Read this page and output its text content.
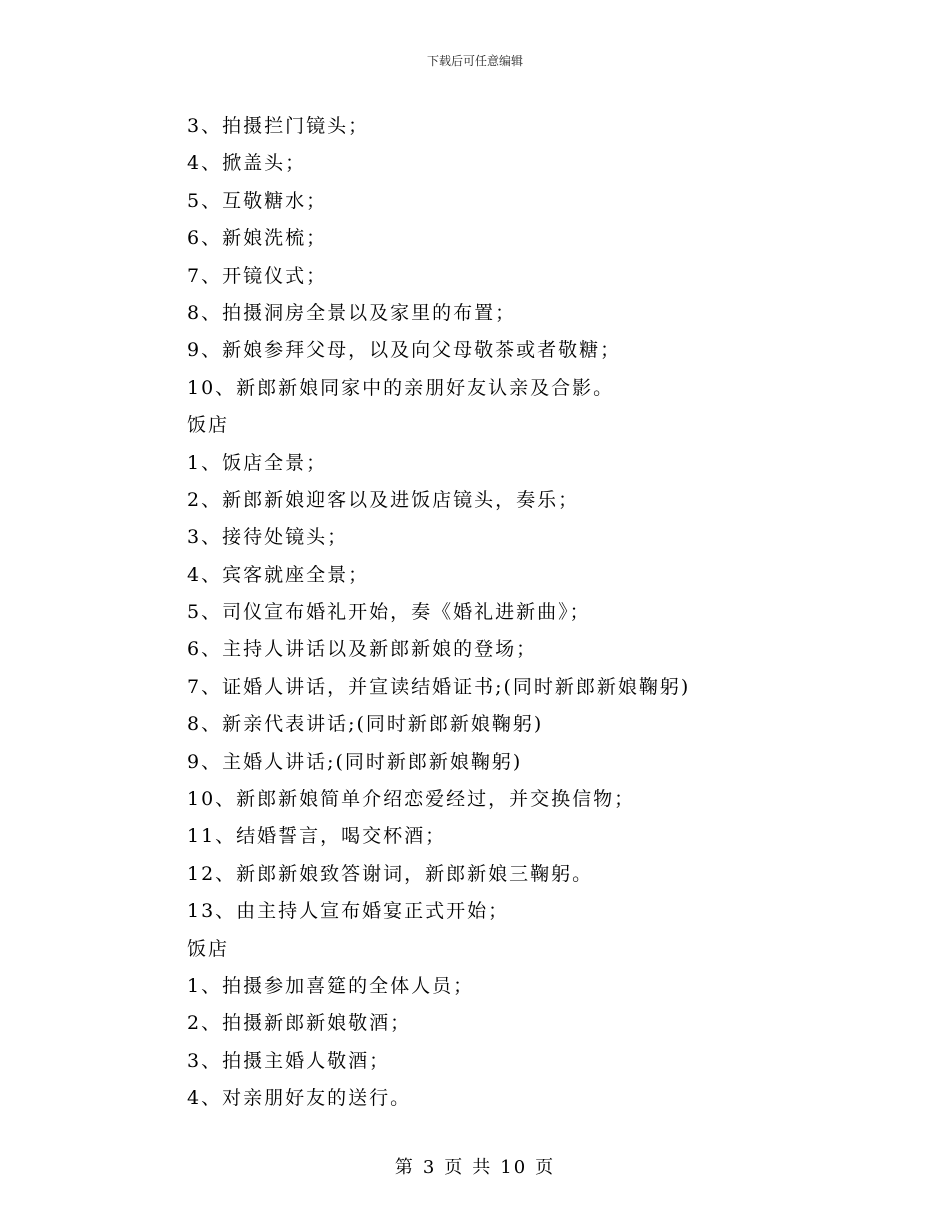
下载后可任意编辑
3、拍摄拦门镜头；
4、掀盖头；
5、互敬糖水；
6、新娘洗梳；
7、开镜仪式；
8、拍摄洞房全景以及家里的布置；
9、新娘参拜父母，以及向父母敬茶或者敬糖；
10、新郎新娘同家中的亲朋好友认亲及合影。
饭店
1、饭店全景；
2、新郎新娘迎客以及进饭店镜头，奏乐；
3、接待处镜头；
4、宾客就座全景；
5、司仪宣布婚礼开始，奏《婚礼进新曲》；
6、主持人讲话以及新郎新娘的登场；
7、证婚人讲话，并宣读结婚证书;(同时新郎新娘鞠躬)
8、新亲代表讲话;(同时新郎新娘鞠躬)
9、主婚人讲话;(同时新郎新娘鞠躬)
10、新郎新娘简单介绍恋爱经过，并交换信物；
11、结婚誓言，喝交杯酒；
12、新郎新娘致答谢词，新郎新娘三鞠躬。
13、由主持人宣布婚宴正式开始；
饭店
1、拍摄参加喜筵的全体人员；
2、拍摄新郎新娘敬酒；
3、拍摄主婚人敬酒；
4、对亲朋好友的送行。
第 3 页 共 10 页
